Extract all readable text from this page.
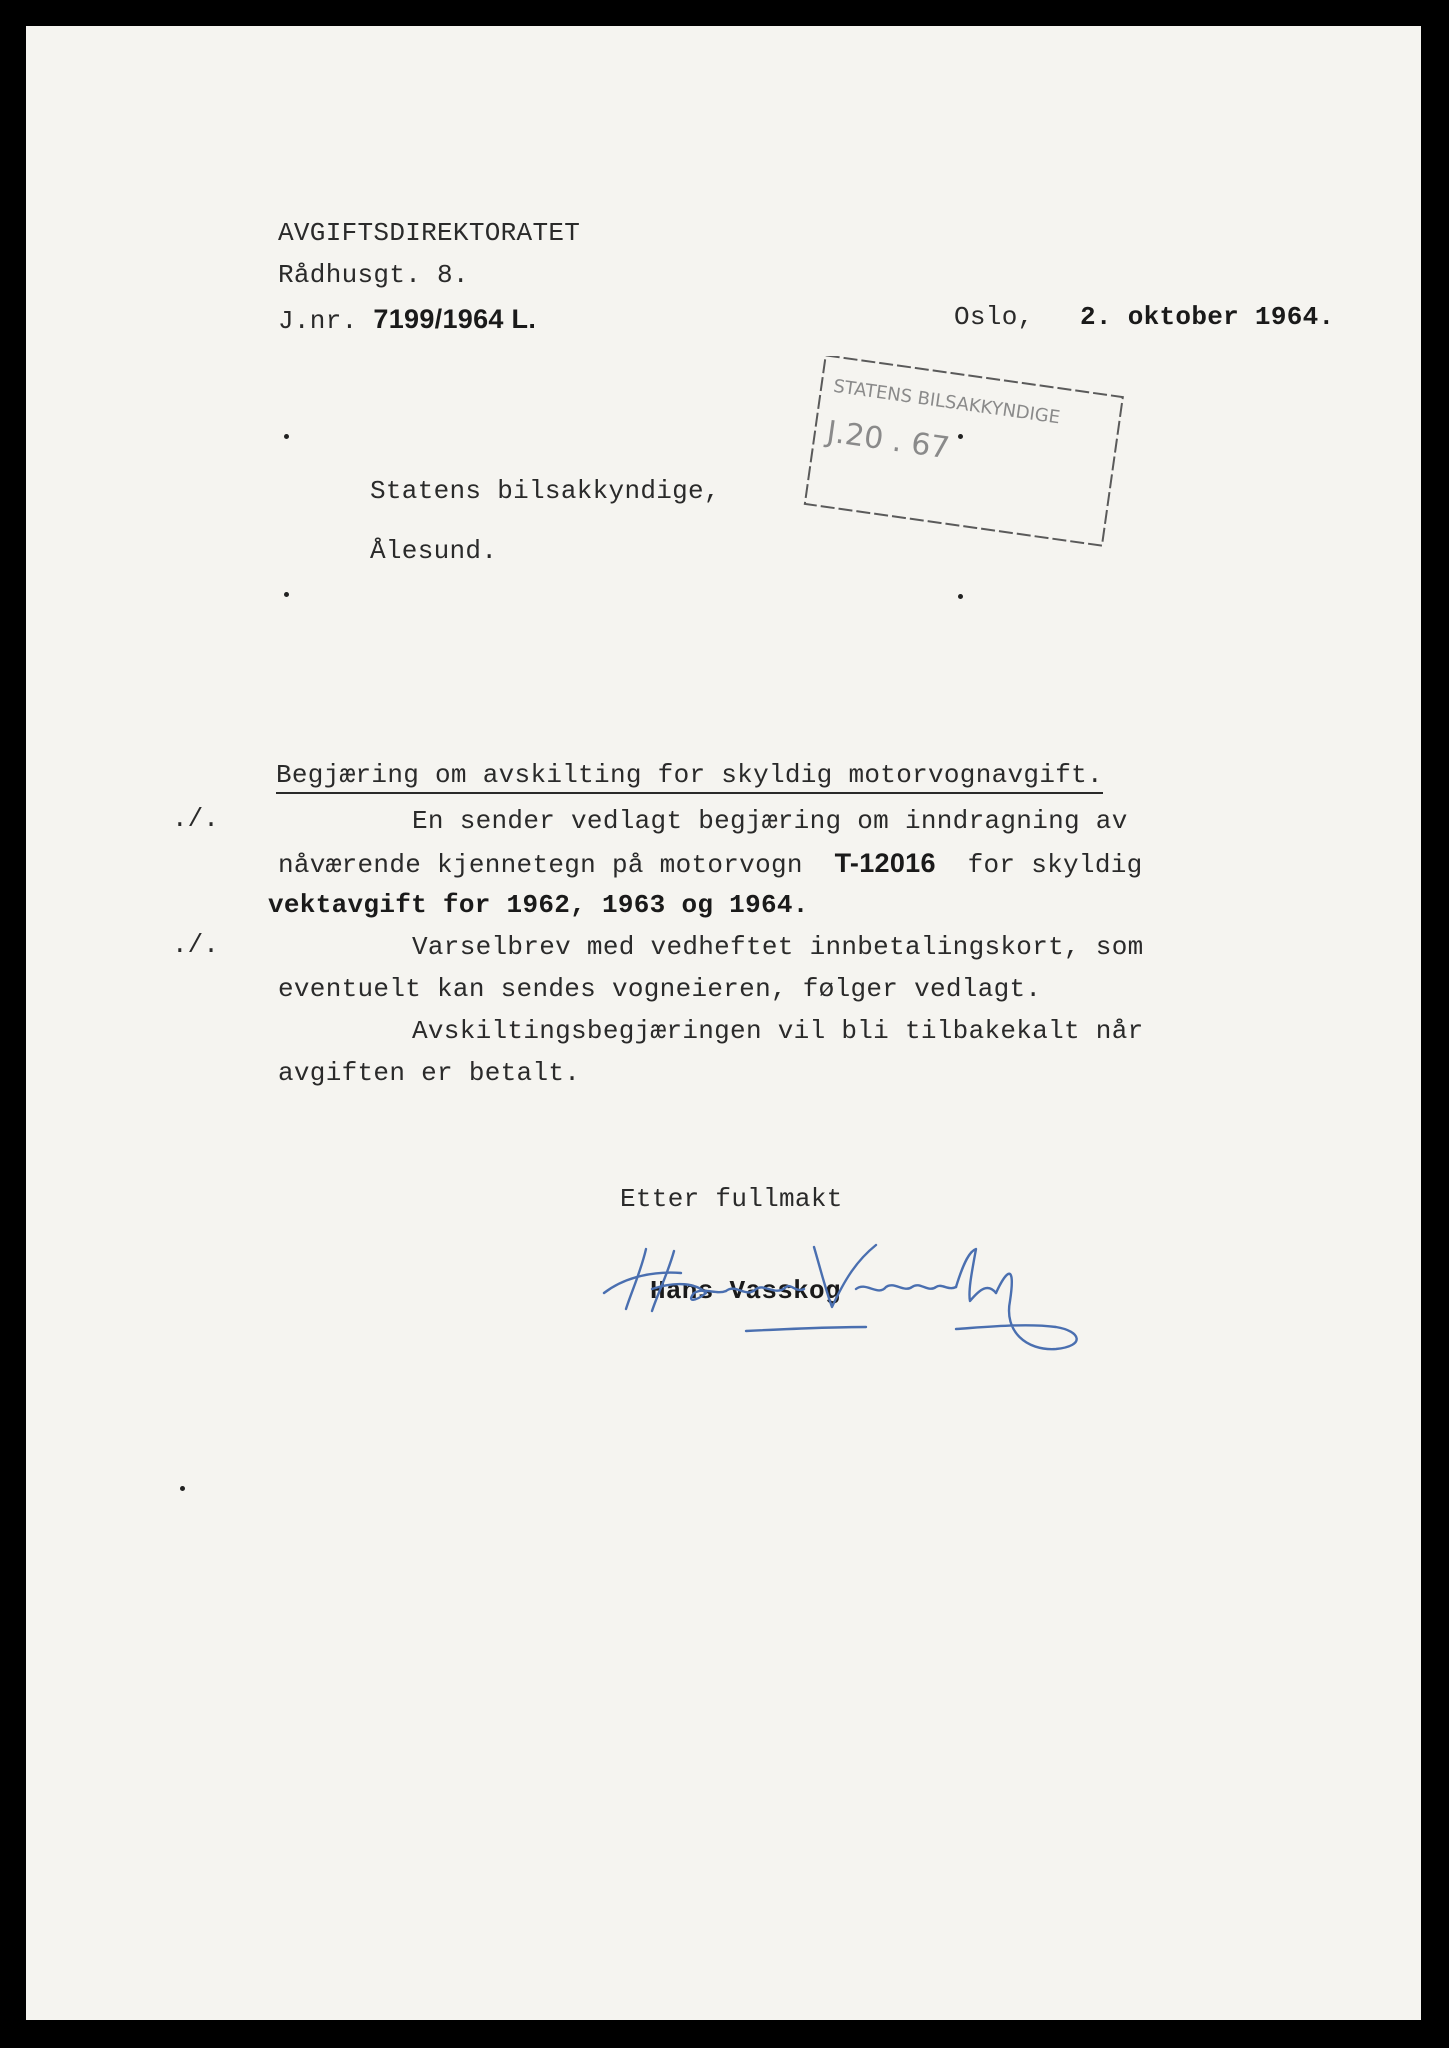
AVGIFTSDIREKTORATET
Rådhusgt. 8.
J.nr. 7199/1964 L.	Oslo, 2. oktober 1964.
STATENS BILSAKKYNDIGE
J.20 . 67
Statens bilsakkyndige,
Ålesund.
Begjæring om avskilting for skyldig motorvognavgift.
./.
./.
En sender vedlagt begjæring om inndragning av
nåværende kjennetegn på motorvogn T-12016 for skyldig
vektavgift for 1962, 1963 og 1964.
Varselbrev med vedheftet innbetalingskort, som
eventuelt kan sendes vogneieren, følger vedlagt.
Avskiltingsbegjæringen vil bli tilbakekalt når
avgiften er betalt.
Etter fullmakt
Hans Vasskog
